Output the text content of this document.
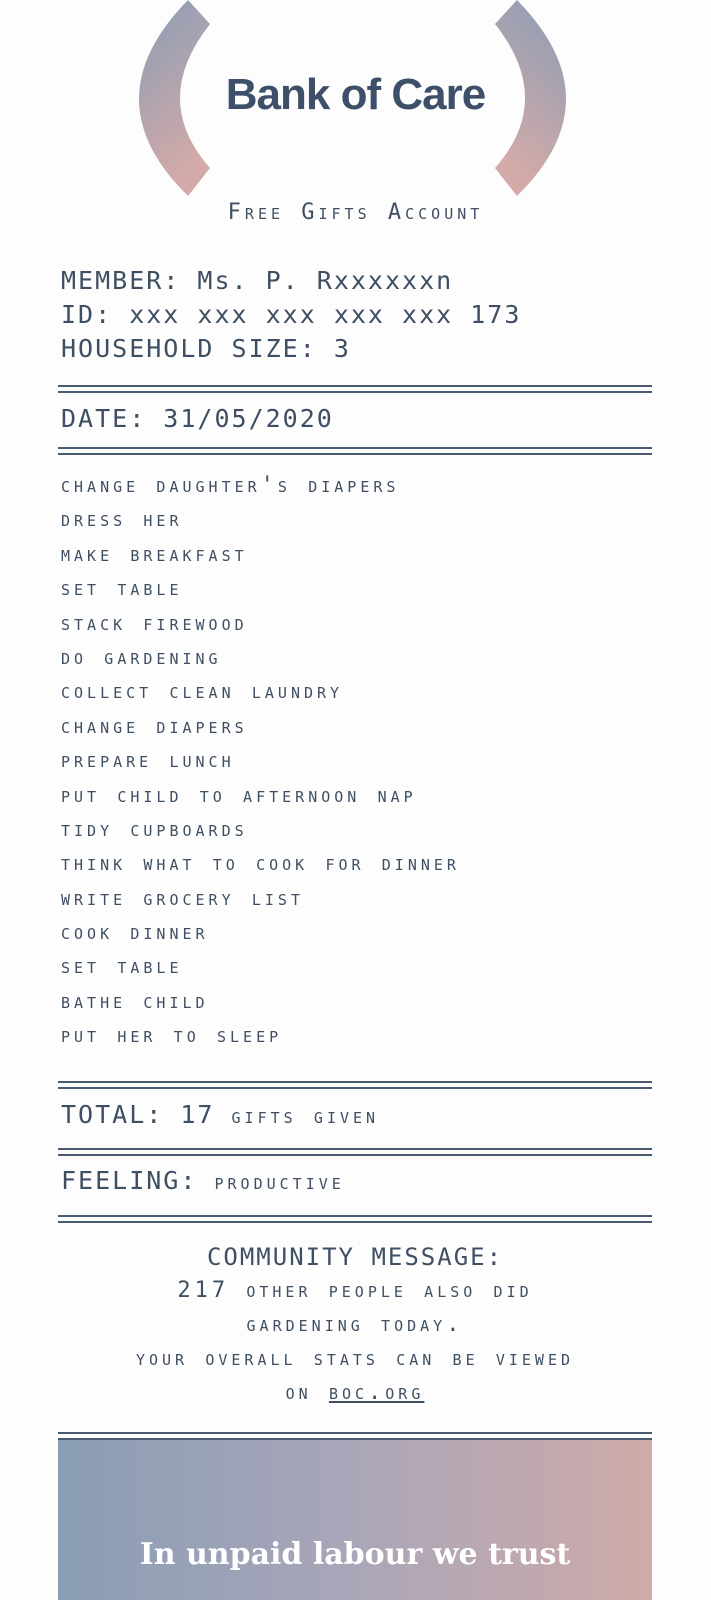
Bank of Care
Free Gifts Account
MEMBER: Ms. P. Rxxxxxxn
ID: xxx xxx xxx xxx xxx 173
HOUSEHOLD SIZE: 3
DATE: 31/05/2020
change daughter's diapers
dress her
make breakfast
set table
stack firewood
do gardening
collect clean laundry
change diapers
prepare lunch
put child to afternoon nap
tidy cupboards
think what to cook for dinner
write grocery list
cook dinner
set table
bathe child
put her to sleep
TOTAL: 17 gifts given
FEELING: productive
COMMUNITY MESSAGE:
217 other people also did
gardening today.
your overall stats can be viewed
on boc.org
In unpaid labour we trust
